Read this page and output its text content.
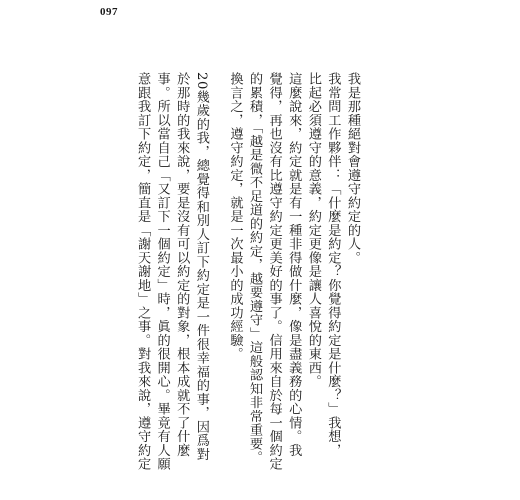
097
我是那種絕對會遵守約定的人。
我常問工作夥伴：「什麼是約定？你覺得約定是什麼？」我想，
比起必須遵守的意義，約定更像是讓人喜悅的東西。
這麼說來，約定就是有一種非得做什麼，像是盡義務的心情。我
覺得，再也沒有比遵守約定更美好的事了。信用來自於每一個約定
的累積，「越是微不足道的約定，越要遵守」這般認知非常重要。
換言之，遵守約定，就是一次最小的成功經驗。
20幾歲的我，總覺得和別人訂下約定是一件很幸福的事，因爲對
於那時的我來說，要是沒有可以約定的對象，根本成就不了什麼
事。所以當自己「又訂下一個約定」時，眞的很開心。畢竟有人願
意跟我訂下約定，簡直是「謝天謝地」之事。對我來說，遵守約定
